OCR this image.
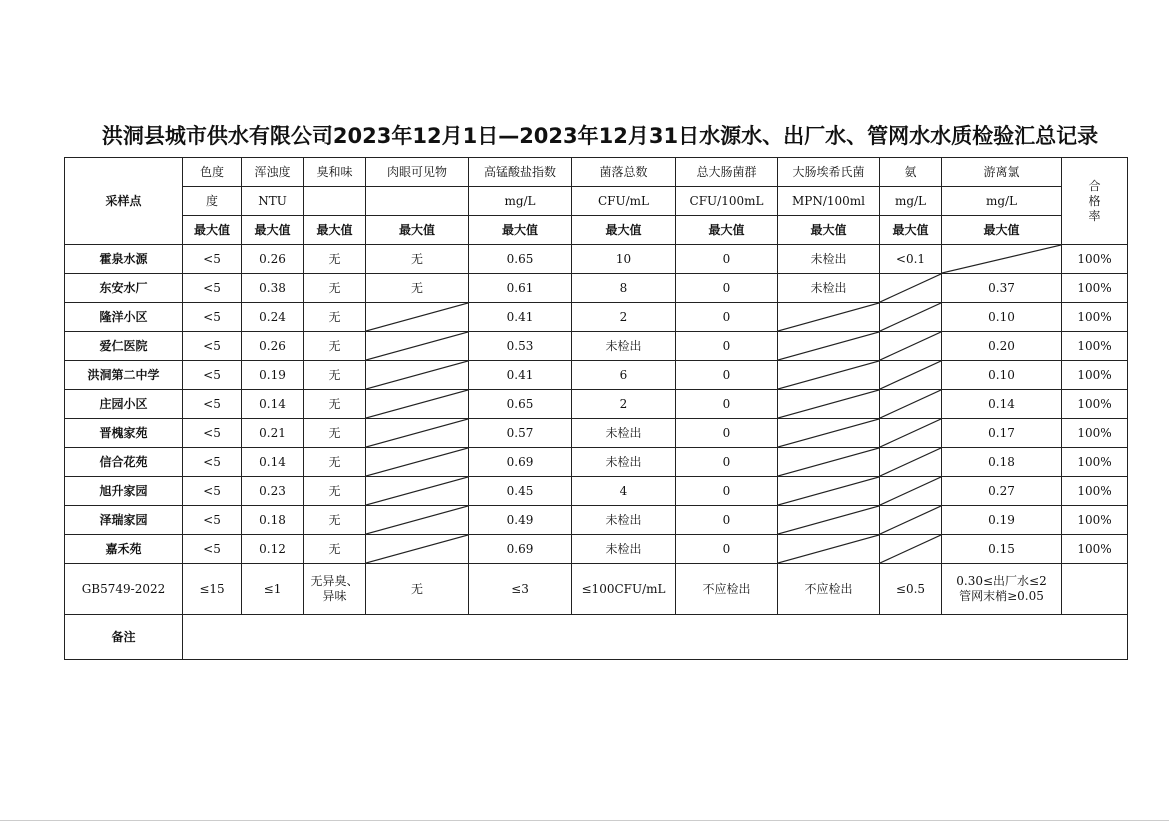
洪洞县城市供水有限公司2023年12月1日—2023年12月31日水源水、出厂水、管网水水质检验汇总记录
采样点	色度	浑浊度	臭和味	肉眼可见物	高锰酸盐指数	菌落总数	总大肠菌群	大肠埃希氏菌	氨	游离氯	合
格
率

	度	NTU			mg/L	CFU/mL	CFU/100mL	MPN/100ml	mg/L	mg/L	
	最大值	最大值	最大值	最大值	最大值	最大值	最大值	最大值	最大值	最大值	
霍泉水源	<5	0.26	无	无	0.65	10	0	未检出	<0.1		100%
东安水厂	<5	0.38	无	无	0.61	8	0	未检出		0.37	100%
隆洋小区	<5	0.24	无		0.41	2	0			0.10	100%
爱仁医院	<5	0.26	无		0.53	未检出	0			0.20	100%
洪洞第二中学	<5	0.19	无		0.41	6	0			0.10	100%
庄园小区	<5	0.14	无		0.65	2	0			0.14	100%
晋槐家苑	<5	0.21	无		0.57	未检出	0			0.17	100%
信合花苑	<5	0.14	无		0.69	未检出	0			0.18	100%
旭升家园	<5	0.23	无		0.45	4	0			0.27	100%
泽瑞家园	<5	0.18	无		0.49	未检出	0			0.19	100%
嘉禾苑	<5	0.12	无		0.69	未检出	0			0.15	100%
GB5749-2022	≤15	≤1	无异臭、异味	无	≤3	≤100CFU/mL	不应检出	不应检出	≤0.5	0.30≤出厂水≤2
管网末梢≥0.05	

备注											
